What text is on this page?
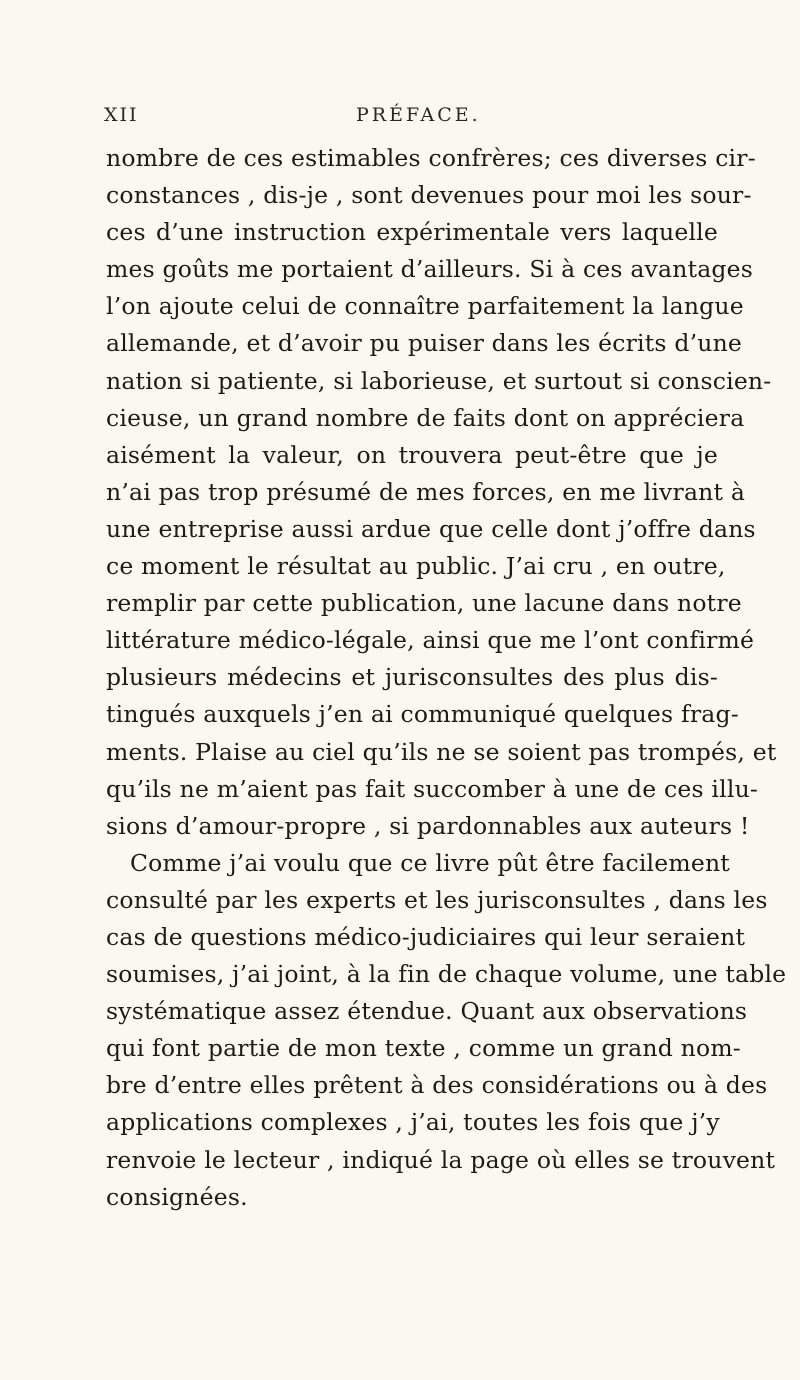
XII	PRÉFACE.
nombre de ces estimables confrères; ces diverses cir-
constances , dis-je , sont devenues pour moi les sour-
ces d’une instruction expérimentale vers laquelle
mes goûts me portaient d’ailleurs. Si à ces avantages
l’on ajoute celui de connaître parfaitement la langue
allemande, et d’avoir pu puiser dans les écrits d’une
nation si patiente, si laborieuse, et surtout si conscien-
cieuse, un grand nombre de faits dont on appréciera
aisément la valeur, on trouvera peut-être que je
n’ai pas trop présumé de mes forces, en me livrant à
une entreprise aussi ardue que celle dont j’offre dans
ce moment le résultat au public. J’ai cru , en outre,
remplir par cette publication, une lacune dans notre
littérature médico-légale, ainsi que me l’ont confirmé
plusieurs médecins et jurisconsultes des plus dis-
tingués auxquels j’en ai communiqué quelques frag-
ments. Plaise au ciel qu’ils ne se soient pas trompés, et
qu’ils ne m’aient pas fait succomber à une de ces illu-
sions d’amour-propre , si pardonnables aux auteurs !
Comme j’ai voulu que ce livre pût être facilement
consulté par les experts et les jurisconsultes , dans les
cas de questions médico-judiciaires qui leur seraient
soumises, j’ai joint, à la fin de chaque volume, une table
systématique assez étendue. Quant aux observations
qui font partie de mon texte , comme un grand nom-
bre d’entre elles prêtent à des considérations ou à des
applications complexes , j’ai, toutes les fois que j’y
renvoie le lecteur , indiqué la page où elles se trouvent
consignées.
